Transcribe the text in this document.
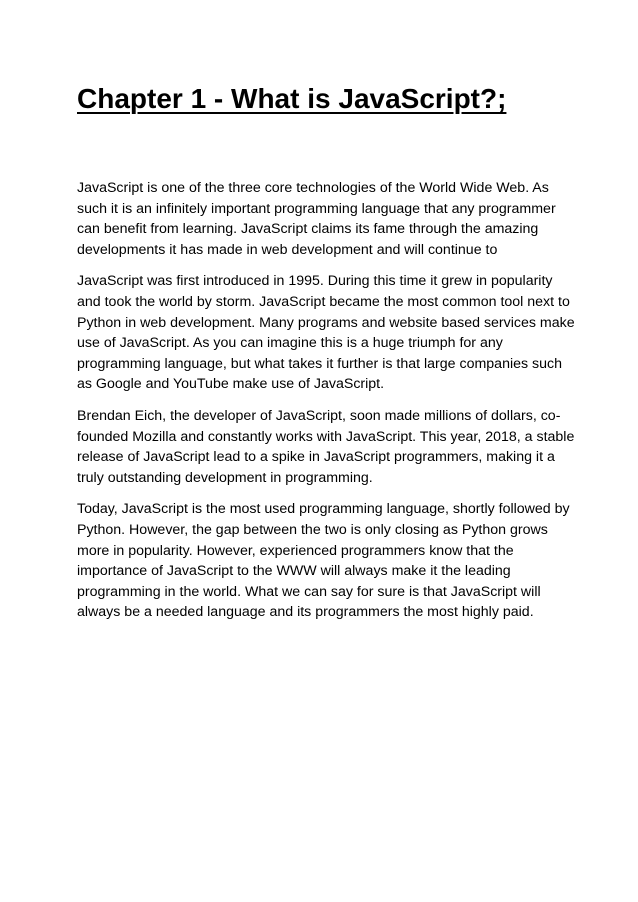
Chapter 1 - What is JavaScript?;

JavaScript is one of the three core technologies of the World Wide Web. As
such it is an infinitely important programming language that any programmer
can benefit from learning. JavaScript claims its fame through the amazing
developments it has made in web development and will continue to

JavaScript was first introduced in 1995. During this time it grew in popularity
and took the world by storm. JavaScript became the most common tool next to
Python in web development. Many programs and website based services make
use of JavaScript. As you can imagine this is a huge triumph for any
programming language, but what takes it further is that large companies such
as Google and YouTube make use of JavaScript.

Brendan Eich, the developer of JavaScript, soon made millions of dollars, co-
founded Mozilla and constantly works with JavaScript. This year, 2018, a stable
release of JavaScript lead to a spike in JavaScript programmers, making it a
truly outstanding development in programming.

Today, JavaScript is the most used programming language, shortly followed by
Python. However, the gap between the two is only closing as Python grows
more in popularity. However, experienced programmers know that the
importance of JavaScript to the WWW will always make it the leading
programming in the world. What we can say for sure is that JavaScript will
always be a needed language and its programmers the most highly paid.
